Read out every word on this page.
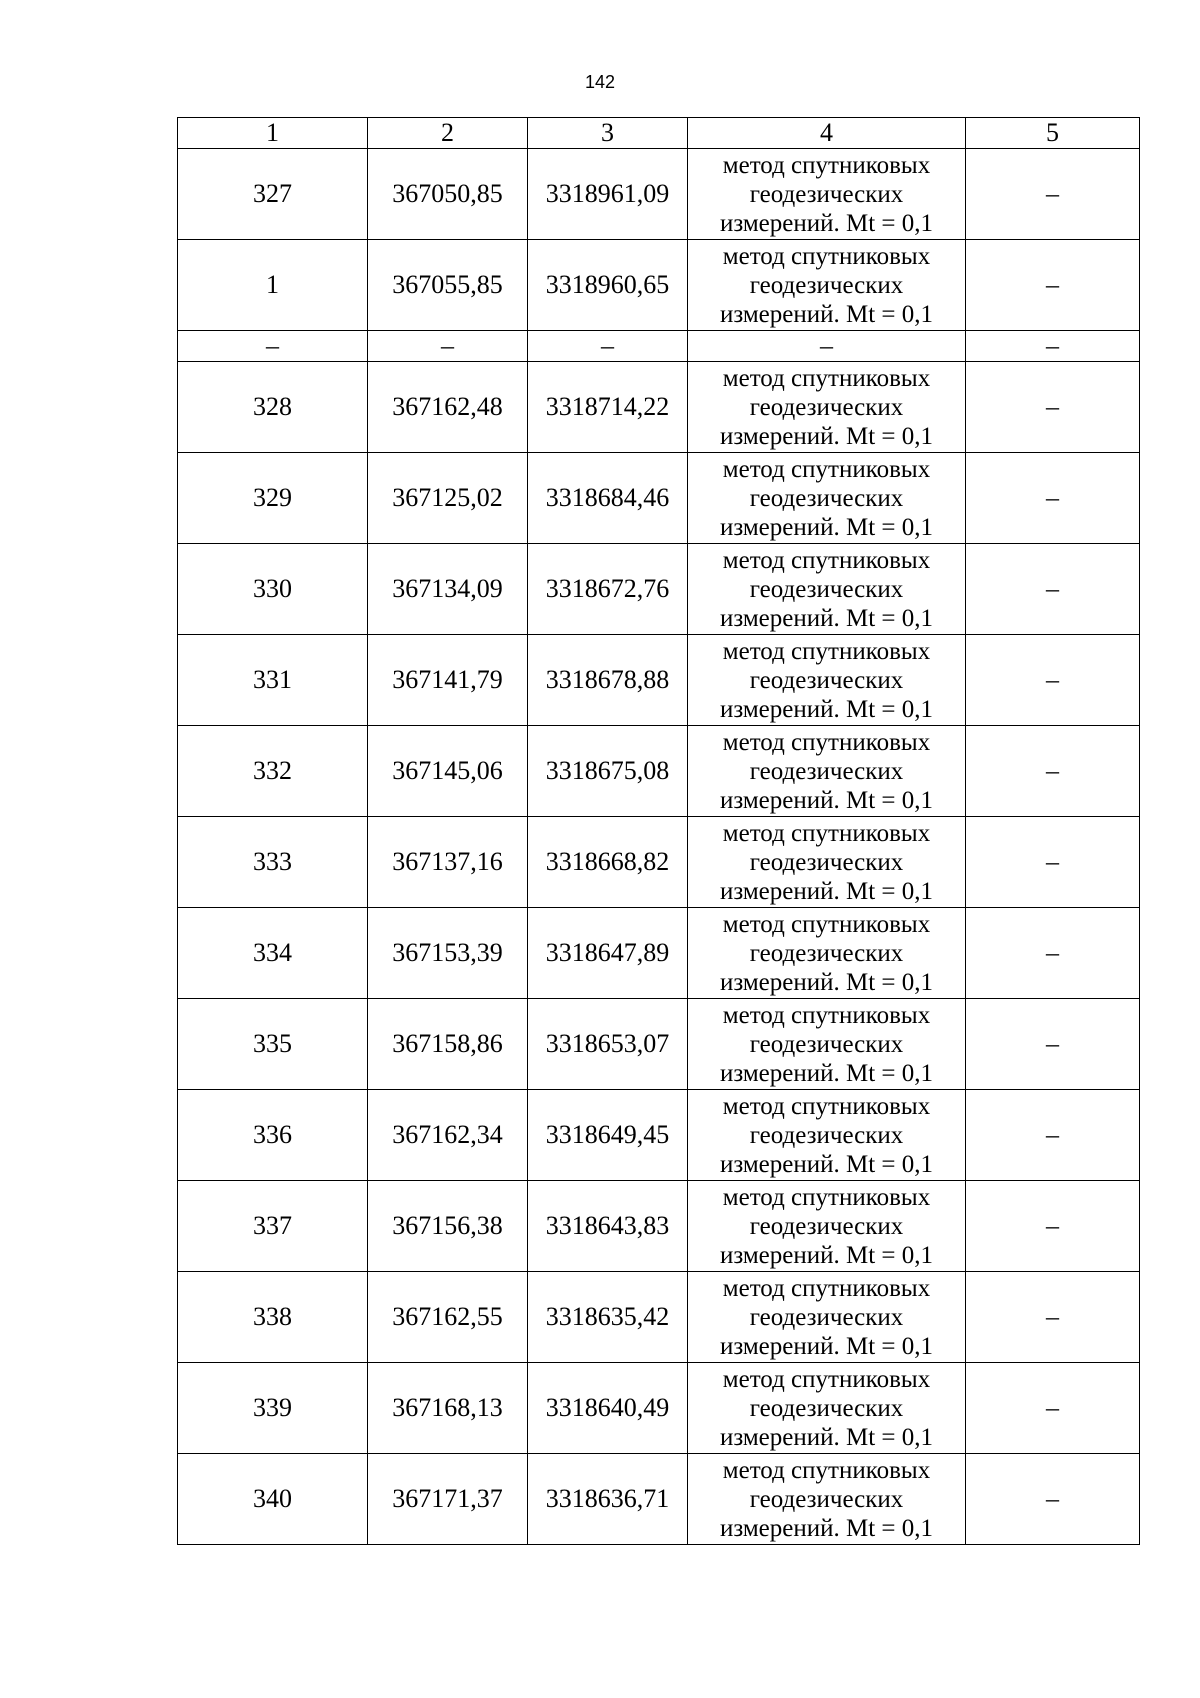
142
1	2	3	4	5
327	367050,85	3318961,09	метод спутниковых геодезических измерений. Mt = 0,1	–
1	367055,85	3318960,65	метод спутниковых геодезических измерений. Mt = 0,1	–
–	–	–	–	–
328	367162,48	3318714,22	метод спутниковых геодезических измерений. Mt = 0,1	–
329	367125,02	3318684,46	метод спутниковых геодезических измерений. Mt = 0,1	–
330	367134,09	3318672,76	метод спутниковых геодезических измерений. Mt = 0,1	–
331	367141,79	3318678,88	метод спутниковых геодезических измерений. Mt = 0,1	–
332	367145,06	3318675,08	метод спутниковых геодезических измерений. Mt = 0,1	–
333	367137,16	3318668,82	метод спутниковых геодезических измерений. Mt = 0,1	–
334	367153,39	3318647,89	метод спутниковых геодезических измерений. Mt = 0,1	–
335	367158,86	3318653,07	метод спутниковых геодезических измерений. Mt = 0,1	–
336	367162,34	3318649,45	метод спутниковых геодезических измерений. Mt = 0,1	–
337	367156,38	3318643,83	метод спутниковых геодезических измерений. Mt = 0,1	–
338	367162,55	3318635,42	метод спутниковых геодезических измерений. Mt = 0,1	–
339	367168,13	3318640,49	метод спутниковых геодезических измерений. Mt = 0,1	–
340	367171,37	3318636,71	метод спутниковых геодезических измерений. Mt = 0,1	–
